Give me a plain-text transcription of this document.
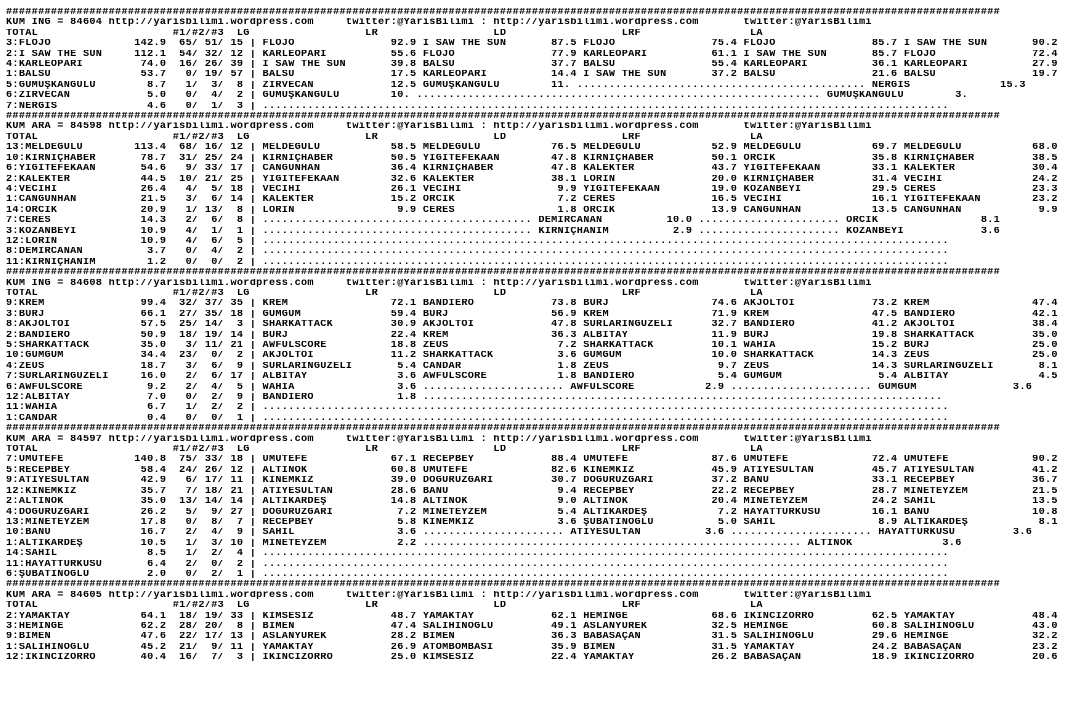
###########################################################################################################################################################
KUM ING = 84604 http://yarisbilimi.wordpress.com     twitter:@YarisBilimi : http://yarisbilimi.wordpress.com       twitter:@YarisBilimi
TOTAL                     #1/#2/#3  LG                  LR                  LD                  LRF                 LA
3:FLOJO             142.9  65/ 51/ 15 | FLOJO               92.9 I SAW THE SUN       87.5 FLOJO               75.4 FLOJO               85.7 I SAW THE SUN       90.2
2:I SAW THE SUN     112.1  54/ 32/ 12 | KARLEOPARI          55.6 FLOJO               77.9 KARLEOPARI          61.1 I SAW THE SUN       85.7 FLOJO               72.4
4:KARLEOPARI         74.0  16/ 26/ 39 | I SAW THE SUN       39.8 BALSU               37.7 BALSU               55.4 KARLEOPARI          36.1 KARLEOPARI          27.9
1:BALSU              53.7   0/ 19/ 57 | BALSU               17.5 KARLEOPARI          14.4 I SAW THE SUN       37.2 BALSU               21.6 BALSU               19.7
5:GÜMÜŞKANGÜLÜ        8.7   1/  3/  8 | ZİRVECAN            12.5 GÜMÜŞKANGÜLÜ        11. ............................................. NERGİS              15.3
6:ZİRVECAN            5.0   0/  4/  2 | GÜMÜŞKANGÜLÜ        10. ............................................................... GÜMÜŞKANGÜLÜ        3.
7:NERGİS              4.6   0/  1/  3 | ...........................................................................................................
###########################################################################################################################################################
KUM ARA = 84598 http://yarisbilimi.wordpress.com     twitter:@YarisBilimi : http://yarisbilimi.wordpress.com       twitter:@YarisBilimi
TOTAL                     #1/#2/#3  LG                  LR                  LD                  LRF                 LA
13:MELDEGÜLÜ        113.4  68/ 16/ 12 | MELDEGÜLÜ           58.5 MELDEGÜLÜ           76.5 MELDEGÜLÜ           52.9 MELDEGÜLÜ           69.7 MELDEGÜLÜ           68.0
10:KIRNIÇHABER       78.7  31/ 25/ 24 | KIRNIÇHABER         50.5 YİĞİTEFEKAAN        47.8 KIRNIÇHABER         50.1 ORCİK               35.8 KIRNIÇHABER         38.5
6:YİĞİTEFEKAAN       54.6   9/ 33/ 17 | CANGÜNHAN           36.4 KIRNIÇHABER         47.8 KALEKTER            43.7 YİĞİTEFEKAAN        33.1 KALEKTER            30.4
2:KALEKTER           44.5  10/ 21/ 25 | YİĞİTEFEKAAN        32.6 KALEKTER            38.1 LORİN               20.0 KIRNIÇHABER         31.4 VECİHİ              24.2
4:VECİHİ             26.4   4/  5/ 18 | VECİHİ              26.1 VECİHİ               9.9 YİĞİTEFEKAAN        19.0 KOZANBEYİ           29.5 CERES               23.3
1:CANGÜNHAN          21.5   3/  6/ 14 | KALEKTER            15.2 ORCİK                7.2 CERES               16.5 VECİHİ              16.1 YİĞİTEFEKAAN        23.2
14:ORCİK             20.9   1/ 13/  8 | LORİN                9.9 CERES                1.8 ORCİK               13.9 CANGÜNHAN           13.5 CANGÜNHAN            9.9
7:CERES              14.3   2/  6/  8 | .......................................... DEMİRCANAN          10.0 ...................... ORCİK                8.1
3:KOZANBEYİ          10.9   4/  1/  1 | .......................................... KIRNIÇHANIM          2.9 ...................... KOZANBEYİ            3.6
12:LORİN             10.9   4/  6/  5 | ...........................................................................................................
8:DEMİRCANAN          3.7   0/  4/  2 | ...........................................................................................................
11:KIRNIÇHANIM        1.2   0/  0/  2 | ...........................................................................................................
###########################################################################################################################################################
KUM ING = 84608 http://yarisbilimi.wordpress.com     twitter:@YarisBilimi : http://yarisbilimi.wordpress.com       twitter:@YarisBilimi
TOTAL                     #1/#2/#3  LG                  LR                  LD                  LRF                 LA
9:KREM               99.4  32/ 37/ 35 | KREM                72.1 BANDIERO            73.8 BURJ                74.6 AKJOLTOI            73.2 KREM                47.4
3:BURJ               66.1  27/ 35/ 18 | GÜMGÜM              59.4 BURJ                56.9 KREM                71.9 KREM                47.5 BANDIERO            42.1
8:AKJOLTOI           57.5  25/ 14/  3 | SHARKATTACK         30.9 AKJOLTOI            47.8 SURLARINGÜZELİ      32.7 BANDIERO            41.2 AKJOLTOI            38.4
2:BANDIERO           50.9  18/ 19/ 14 | BURJ                22.4 KREM                36.3 ALBITAY             11.9 BURJ                19.8 SHARKATTACK         35.0
5:SHARKATTACK        35.0   3/ 11/ 21 | AWFULSCORE          18.8 ZEUS                 7.2 SHARKATTACK         10.1 WAHIA               15.2 BURJ                25.0
10:GÜMGÜM            34.4  23/  0/  2 | AKJOLTOI            11.2 SHARKATTACK          3.6 GÜMGÜM              10.0 SHARKATTACK         14.3 ZEUS                25.0
4:ZEUS               18.7   3/  6/  9 | SURLARINGÜZELİ       5.4 CANDAR               1.8 ZEUS                 9.7 ZEUS                14.3 SURLARINGÜZELİ       8.1
7:SURLARINGÜZELİ     16.0   2/  6/ 17 | ALBITAY              3.6 AWFULSCORE           1.8 BANDIERO             5.4 GÜMGÜM               5.4 ALBITAY              4.5
6:AWFULSCORE          9.2   2/  4/  5 | WAHIA                3.6 ...................... AWFULSCORE           2.9 ...................... GÜMGÜM               3.6
12:ALBITAY            7.0   0/  2/  9 | BANDIERO             1.8 .................................................................................
11:WAHIA              6.7   1/  2/  2 | ...........................................................................................................
1:CANDAR              0.4   0/  0/  1 | ...........................................................................................................
###########################################################################################################################################################
KUM ARA = 84597 http://yarisbilimi.wordpress.com     twitter:@YarisBilimi : http://yarisbilimi.wordpress.com       twitter:@YarisBilimi
TOTAL                     #1/#2/#3  LG                  LR                  LD                  LRF                 LA
7:UMUTEFE           140.8  75/ 33/ 18 | UMUTEFE             67.1 RECEPBEY            88.4 UMUTEFE             87.6 UMUTEFE             72.4 UMUTEFE             90.2
5:RECEPBEY           58.4  24/ 26/ 12 | ALTINOK             60.8 UMUTEFE             82.6 KINEMKIZ            45.9 ATİYESULTAN         45.7 ATİYESULTAN         41.2
9:ATİYESULTAN        42.9   6/ 17/ 11 | KINEMKIZ            39.0 DOĞURÜZGARI         30.7 DOĞURÜZGARI         37.2 BANU                33.1 RECEPBEY            36.7
12:KINEMKIZ          35.7   7/ 18/ 21 | ATİYESULTAN         28.6 BANU                 9.4 RECEPBEY            22.2 RECEPBEY            28.7 MİNETEYZEM          21.5
2:ALTINOK            35.0  13/ 14/ 14 | ALTIKARDEŞ          14.8 ALTINOK              9.0 ALTINOK             20.4 MİNETEYZEM          24.2 SAHİL               13.5
4:DOĞURÜZGARI        26.2   5/  9/ 27 | DOĞURÜZGARI          7.2 MİNETEYZEM           5.4 ALTIKARDEŞ           7.2 HAYATTÜRKÜSÜ        16.1 BANU                10.8
13:MİNETEYZEM        17.8   0/  8/  7 | RECEPBEY             5.8 KINEMKIZ             3.6 ŞUBATINOĞLU          5.0 SAHİL                8.9 ALTIKARDEŞ           8.1
10:BANU              16.7   2/  4/  9 | SAHİL                3.6 ...................... ATİYESULTAN          3.6 ...................... HAYATTÜRKÜSÜ         3.6
1:ALTIKARDEŞ         10.5   1/  3/ 10 | MİNETEYZEM           2.2 ........................................................... ALTINOK              3.6
14:SAHİL              8.5   1/  2/  4 | ...........................................................................................................
11:HAYATTÜRKÜSÜ       6.4   2/  0/  2 | ...........................................................................................................
6:ŞUBATINOĞLU         2.0   0/  2/  1 | ...........................................................................................................
###########################################################################################################################################################
KUM ARA = 84605 http://yarisbilimi.wordpress.com     twitter:@YarisBilimi : http://yarisbilimi.wordpress.com       twitter:@YarisBilimi
TOTAL                     #1/#2/#3  LG                  LR                  LD                  LRF                 LA
2:YAMAKTAY           64.1  18/ 19/ 33 | KİMSESİZ            48.7 YAMAKTAY            62.1 HEMİNGE             68.6 İKİNCİZORRO         62.5 YAMAKTAY            48.4
3:HEMİNGE            62.2  28/ 20/  8 | BİMEN               47.4 SALİHİNOĞLU         49.1 ASLANYÜREK          32.5 HEMİNGE             60.8 SALİHİNOĞLU         43.0
9:BİMEN              47.6  22/ 17/ 13 | ASLANYÜREK          28.2 BİMEN               36.3 BABASAÇAN           31.5 SALİHİNOĞLU         29.6 HEMİNGE             32.2
1:SALİHİNOĞLU        45.2  21/  9/ 11 | YAMAKTAY            26.9 ATOMBOMBASI         35.9 BİMEN               31.5 YAMAKTAY            24.2 BABASAÇAN           23.2
12:İKİNCİZORRO       40.4  16/  7/  3 | İKİNCİZORRO         25.0 KİMSESİZ            22.4 YAMAKTAY            26.2 BABASAÇAN           18.9 İKİNCİZORRO         20.6
